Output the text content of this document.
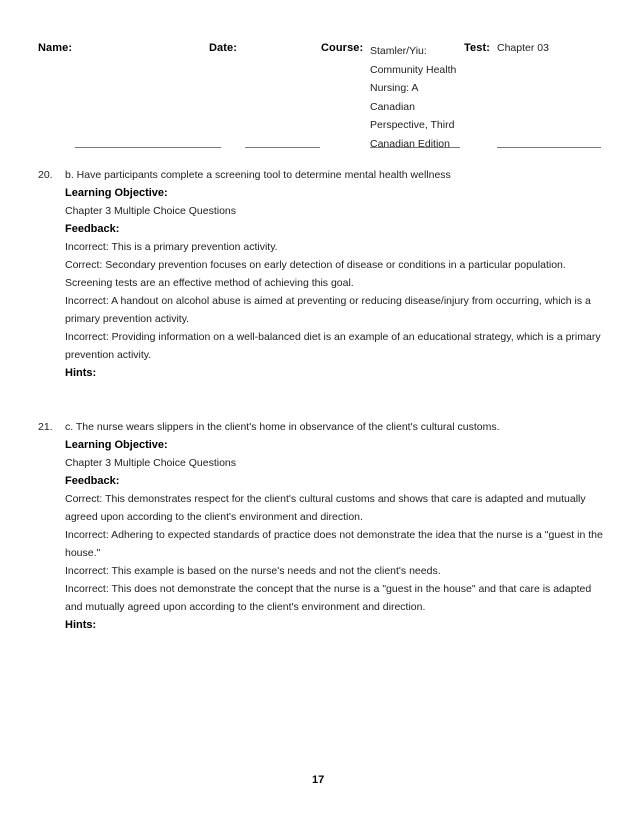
Name:	Date:	Course: Stamler/Yiu:
Community Health
Nursing: A
Canadian
Perspective, Third
Canadian Edition
Test: Chapter 03
20. b. Have participants complete a screening tool to determine mental health wellness
Learning Objective:
Chapter 3 Multiple Choice Questions
Feedback:
Incorrect: This is a primary prevention activity.
Correct: Secondary prevention focuses on early detection of disease or conditions in a particular population.
Screening tests are an effective method of achieving this goal.
Incorrect: A handout on alcohol abuse is aimed at preventing or reducing disease/injury from occurring, which is a
primary prevention activity.
Incorrect: Providing information on a well-balanced diet is an example of an educational strategy, which is a primary
prevention activity.
Hints:
21. c. The nurse wears slippers in the client's home in observance of the client's cultural customs.
Learning Objective:
Chapter 3 Multiple Choice Questions
Feedback:
Correct: This demonstrates respect for the client's cultural customs and shows that care is adapted and mutually
agreed upon according to the client's environment and direction.
Incorrect: Adhering to expected standards of practice does not demonstrate the idea that the nurse is a "guest in the
house."
Incorrect: This example is based on the nurse's needs and not the client's needs.
Incorrect: This does not demonstrate the concept that the nurse is a "guest in the house" and that care is adapted
and mutually agreed upon according to the client's environment and direction.
Hints:
17
